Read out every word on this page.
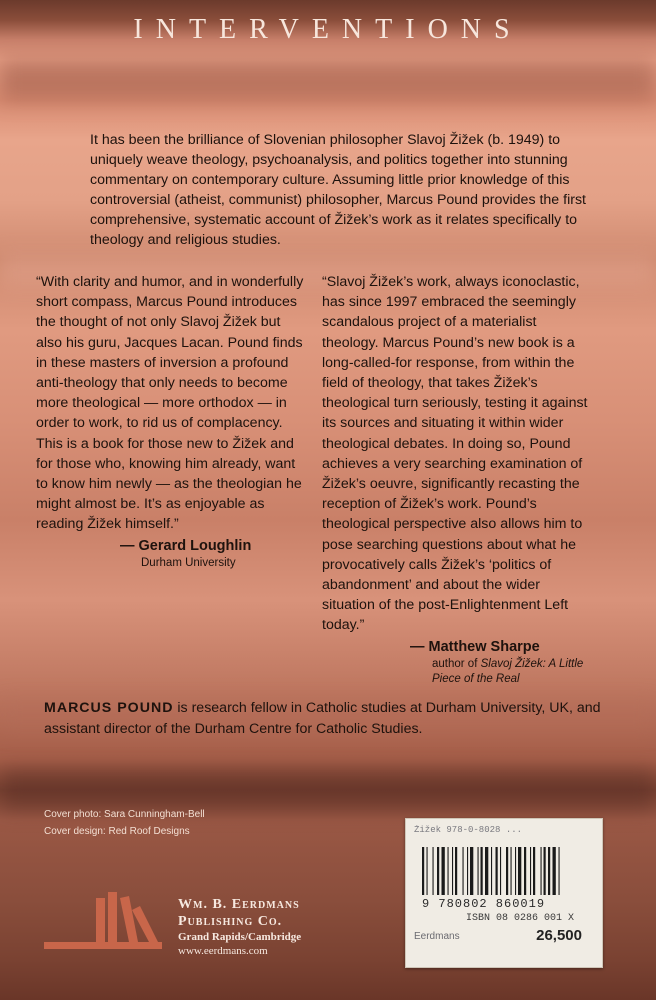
INTERVENTIONS
It has been the brilliance of Slovenian philosopher Slavoj Žižek (b. 1949) to uniquely weave theology, psychoanalysis, and politics together into stunning commentary on contemporary culture. Assuming little prior knowledge of this controversial (atheist, communist) philosopher, Marcus Pound provides the first comprehensive, systematic account of Žižek’s work as it relates specifically to theology and religious studies.
“With clarity and humor, and in wonderfully short compass, Marcus Pound introduces the thought of not only Slavoj Žižek but also his guru, Jacques Lacan. Pound finds in these masters of inversion a profound anti-theology that only needs to become more theological — more orthodox — in order to work, to rid us of complacency. This is a book for those new to Žižek and for those who, knowing him already, want to know him newly — as the theologian he might almost be. It’s as enjoyable as reading Žižek himself.”
— Gerard Loughlin
Durham University
“Slavoj Žižek’s work, always iconoclastic, has since 1997 embraced the seemingly scandalous project of a materialist theology. Marcus Pound’s new book is a long-called-for response, from within the field of theology, that takes Žižek’s theological turn seriously, testing it against its sources and situating it within wider theological debates. In doing so, Pound achieves a very searching examination of Žižek’s oeuvre, significantly recasting the reception of Žižek’s work. Pound’s theological perspective also allows him to pose searching questions about what he provocatively calls Žižek’s ‘politics of abandonment’ and about the wider situation of the post-Enlightenment Left today.”
— Matthew Sharpe
author of Slavoj Žižek: A Little Piece of the Real
MARCUS POUND is research fellow in Catholic studies at Durham University, UK, and assistant director of the Durham Centre for Catholic Studies.
Cover photo: Sara Cunningham-Bell
Cover design: Red Roof Designs
Wm. B. Eerdmans
Publishing Co.
Grand Rapids/Cambridge
www.eerdmans.com
Žižek 978-0-8028 ...
9 780802 860019
ISBN 08 0286 001 X
Eerdmans	26,500
